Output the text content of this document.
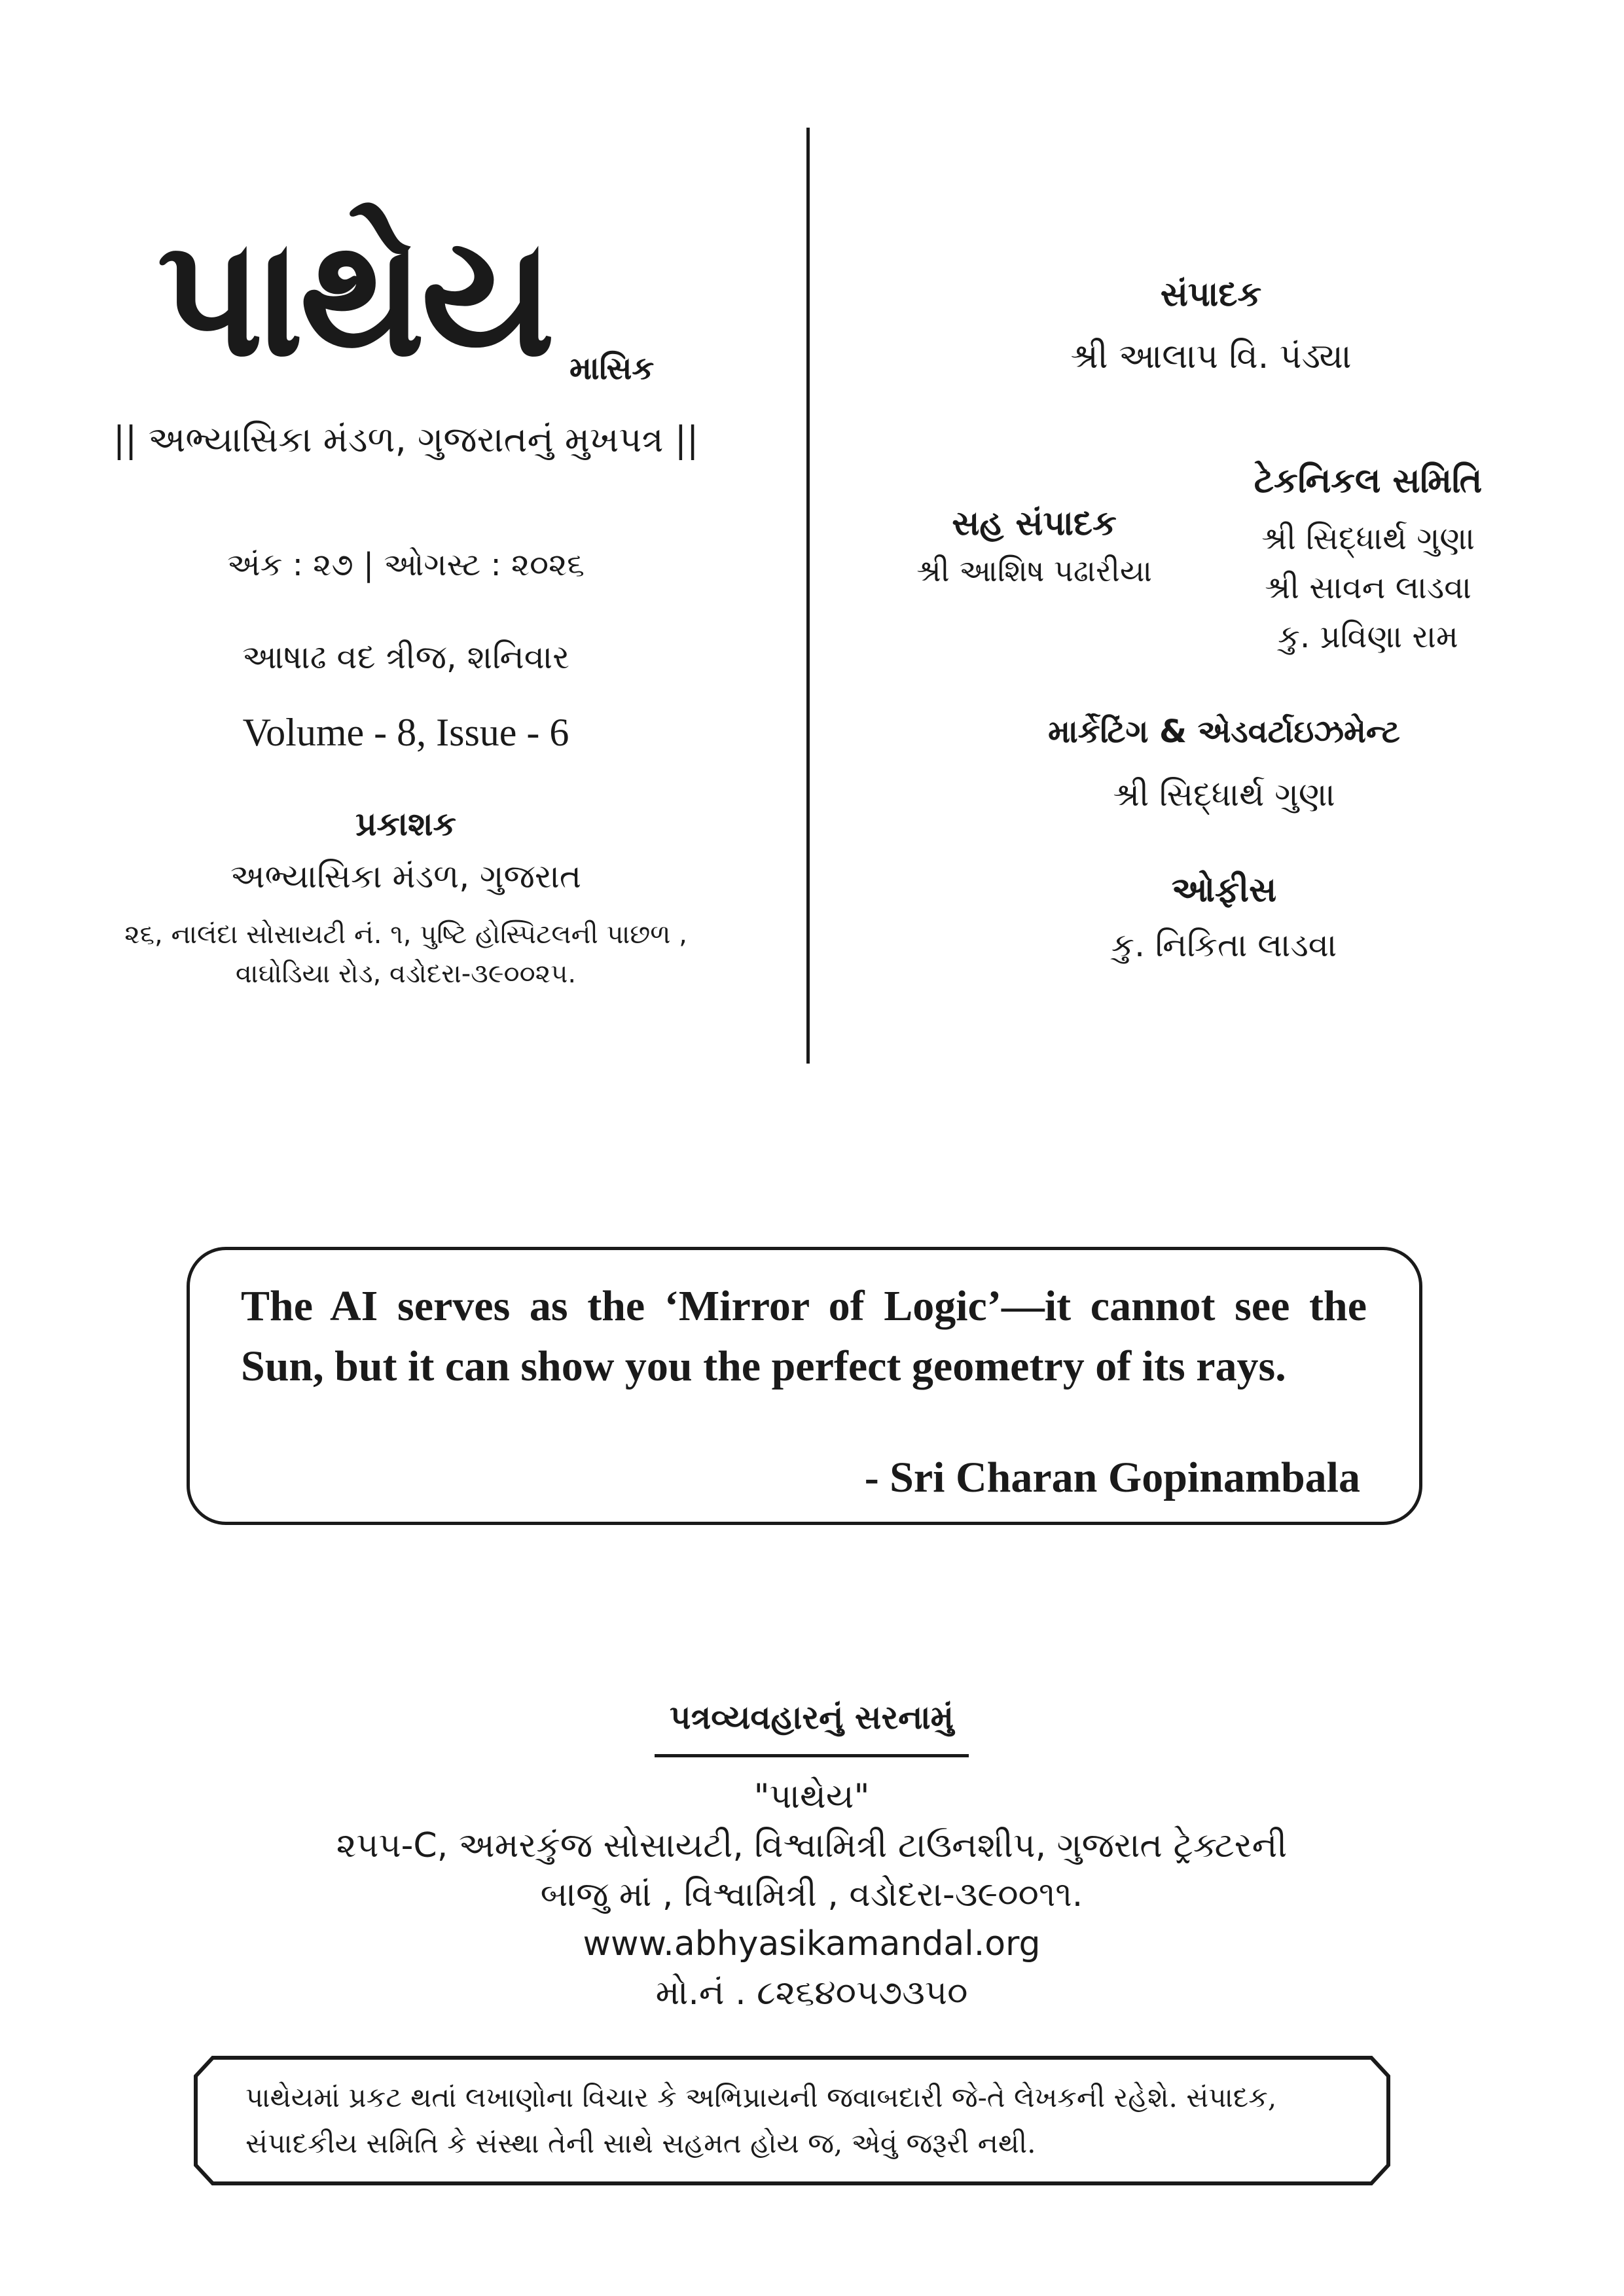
પાથેય માસિક
|| અભ્યાસિકા મંડળ, ગુજરાતનું મુખપત્ર ||
અંક : ૨૭ | ઓગસ્ટ : ૨૦૨૬
આષાઢ વદ ત્રીજ, શનિવાર
Volume - 8, Issue - 6
પ્રકાશક
અભ્યાસિકા મંડળ, ગુજરાત
૨૬, નાલંદા સોસાયટી નં. ૧, પુષ્ટિ હોસ્પિટલની પાછળ ,
વાઘોડિયા રોડ, વડોદરા-૩૯૦૦૨૫.
સંપાદક
શ્રી આલાપ વિ. પંડ્યા
ટેકનિકલ સમિતિ
શ્રી સિદ્ધાર્થ ગુણા
શ્રી સાવન લાડવા
કુ. પ્રવિણા રામ
સહ સંપાદક
શ્રી આશિષ પઢારીયા
માર્કેટિંગ & એડવર્ટાઇઝમેન્ટ
શ્રી સિદ્ધાર્થ ગુણા
ઓફીસ
કુ. નિકિતા લાડવા
The AI serves as the ‘Mirror of Logic’—it cannot see the Sun, but it can show you the perfect geometry of its rays.
- Sri Charan Gopinambala
પત્રવ્યવહારનું સરનામું
"પાથેય"
૨૫૫-C, અમરકુંજ સોસાયટી, વિશ્વામિત્રી ટાઉનશીપ, ગુજરાત ટ્રેક્ટરની
બાજુ માં , વિશ્વામિત્રી , વડોદરા-૩૯૦૦૧૧.
www.abhyasikamandal.org
મો.નં . ૮૨૬૪૦૫૭૩૫૦
પાથેયમાં પ્રકટ થતાં લખાણોના વિચાર કે અભિપ્રાયની જવાબદારી જે-તે લેખકની રહેશે. સંપાદક, સંપાદકીય સમિતિ કે સંસ્થા તેની સાથે સહમત હોય જ, એવું જરૂરી નથી.
